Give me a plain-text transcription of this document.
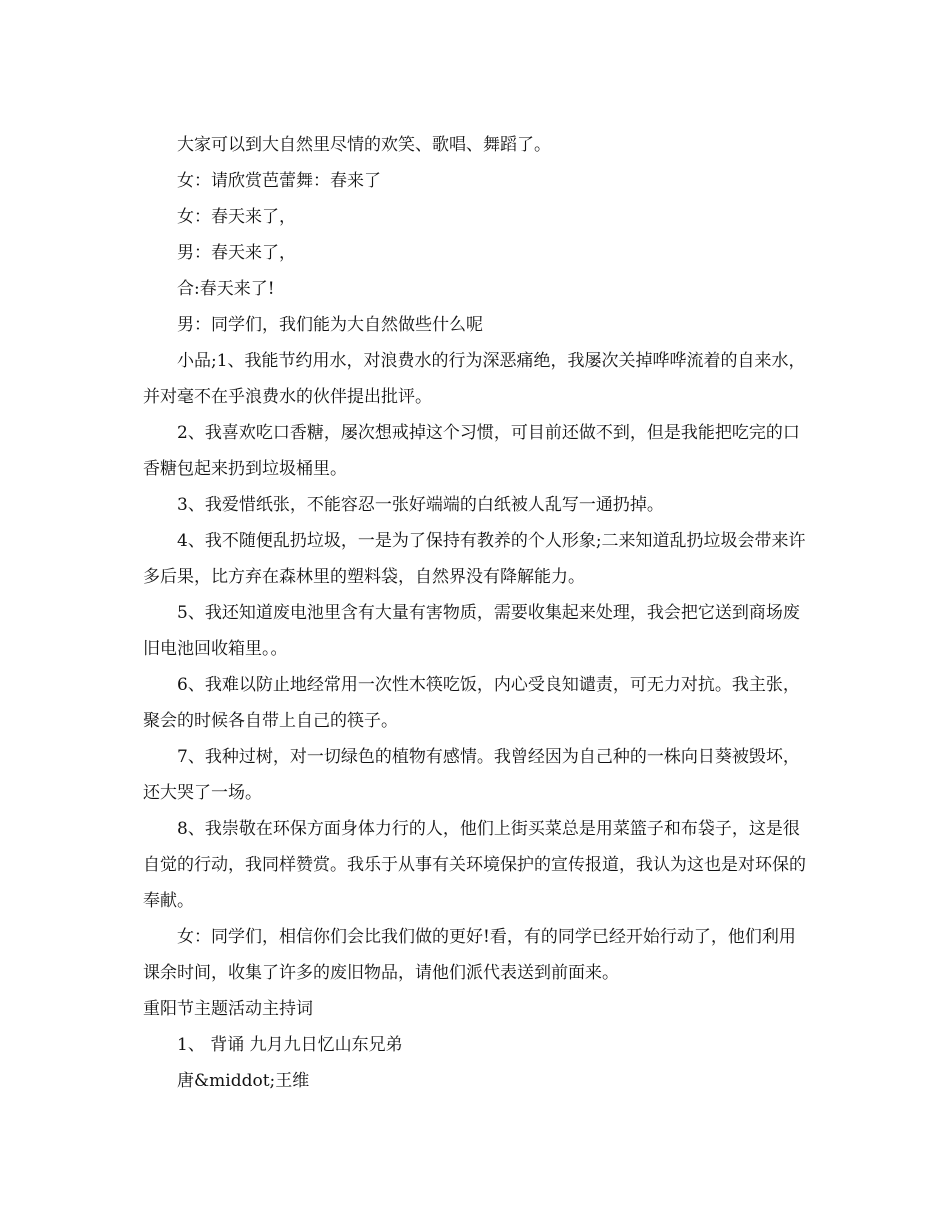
大家可以到大自然里尽情的欢笑、歌唱、舞蹈了。

女：请欣赏芭蕾舞：春来了

女：春天来了，

男：春天来了，

合:春天来了!

男：同学们，我们能为大自然做些什么呢

小品;1、我能节约用水，对浪费水的行为深恶痛绝，我屡次关掉哗哗流着的自来水，并对毫不在乎浪费水的伙伴提出批评。

2、我喜欢吃口香糖，屡次想戒掉这个习惯，可目前还做不到，但是我能把吃完的口香糖包起来扔到垃圾桶里。

3、我爱惜纸张，不能容忍一张好端端的白纸被人乱写一通扔掉。

4、我不随便乱扔垃圾，一是为了保持有教养的个人形象;二来知道乱扔垃圾会带来许多后果，比方弃在森林里的塑料袋，自然界没有降解能力。

5、我还知道废电池里含有大量有害物质，需要收集起来处理，我会把它送到商场废旧电池回收箱里。。

6、我难以防止地经常用一次性木筷吃饭，内心受良知谴责，可无力对抗。我主张，聚会的时候各自带上自己的筷子。

7、我种过树，对一切绿色的植物有感情。我曾经因为自己种的一株向日葵被毁坏，还大哭了一场。

8、我崇敬在环保方面身体力行的人，他们上街买菜总是用菜篮子和布袋子，这是很自觉的行动，我同样赞赏。我乐于从事有关环境保护的宣传报道，我认为这也是对环保的奉献。

女：同学们，相信你们会比我们做的更好!看，有的同学已经开始行动了，他们利用课余时间，收集了许多的废旧物品，请他们派代表送到前面来。

重阳节主题活动主持词

1、 背诵 九月九日忆山东兄弟

唐&middot;王维
